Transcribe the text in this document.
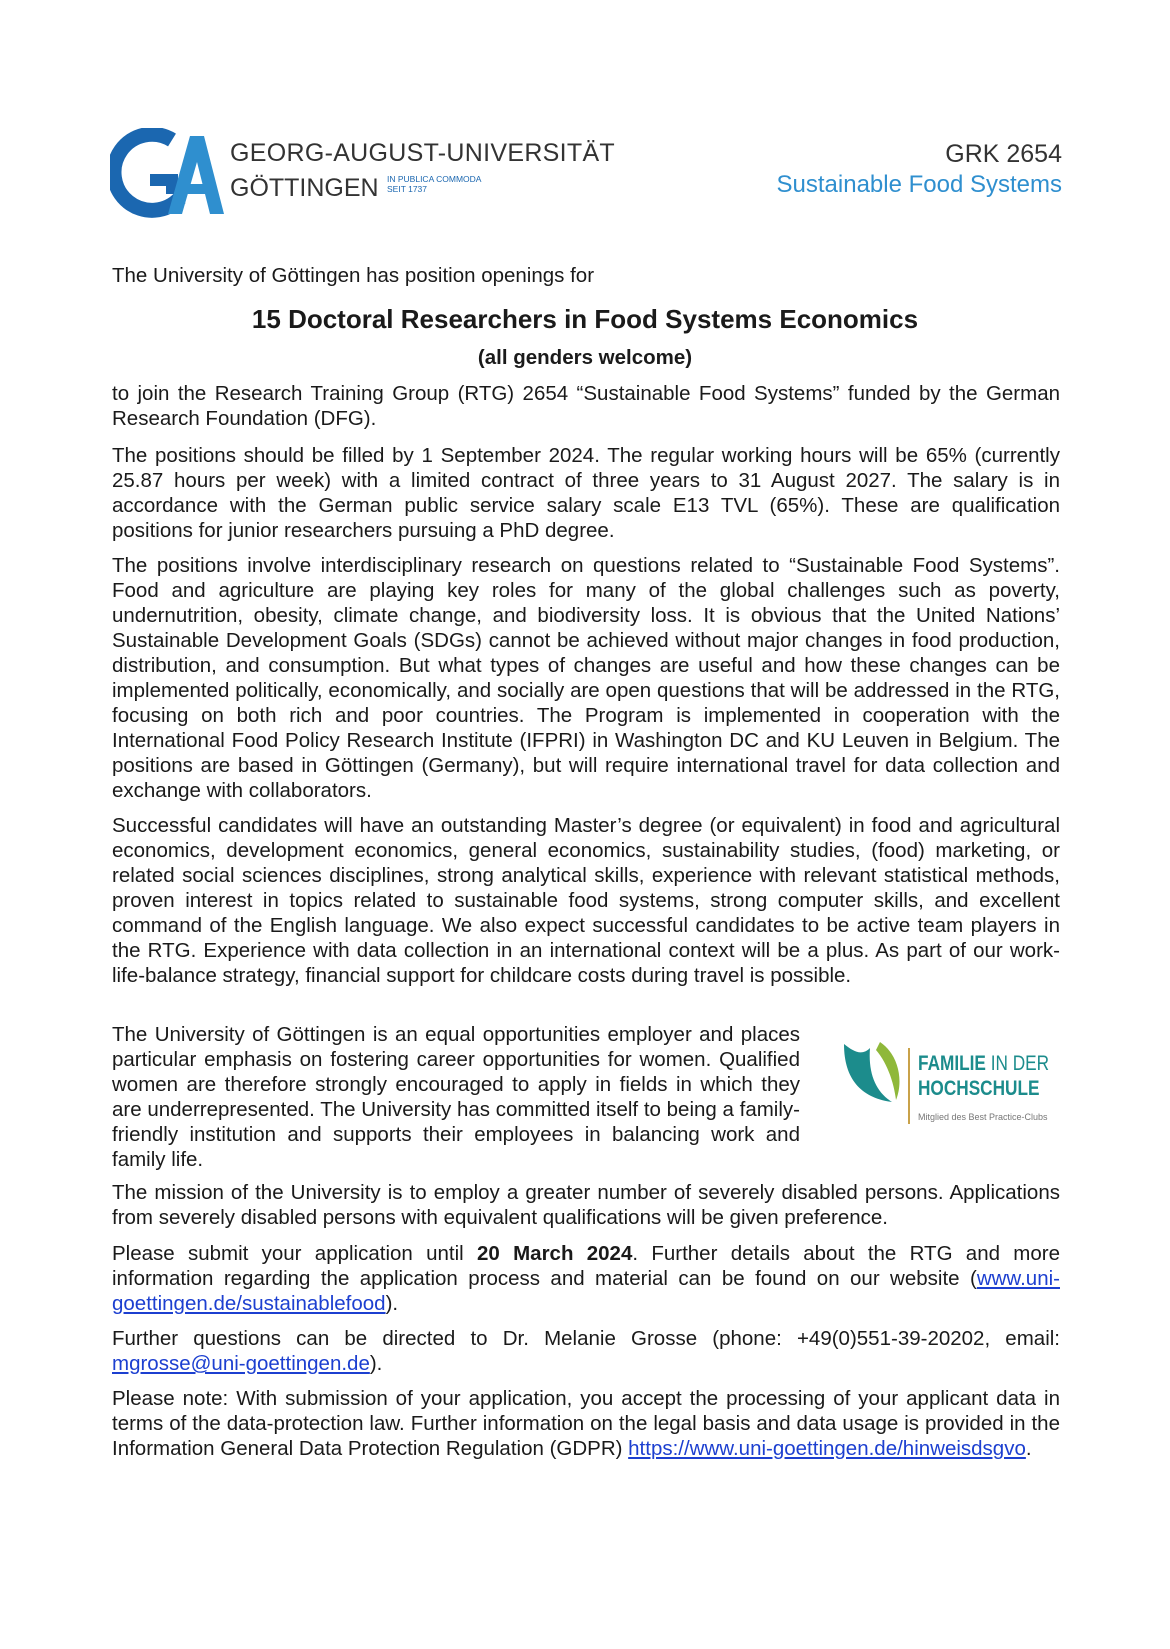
GEORG-AUGUST-UNIVERSITÄT
GÖTTINGEN IN PUBLICA COMMODA
SEIT 1737
GRK 2654
Sustainable Food Systems
The University of Göttingen has position openings for
15 Doctoral Researchers in Food Systems Economics
(all genders welcome)
to join the Research Training Group (RTG) 2654 “Sustainable Food Systems” funded by the German Research Foundation (DFG).
The positions should be filled by 1 September 2024. The regular working hours will be 65% (currently 25.87 hours per week) with a limited contract of three years to 31 August 2027. The salary is in accordance with the German public service salary scale E13 TVL (65%). These are qualification positions for junior researchers pursuing a PhD degree.
The positions involve interdisciplinary research on questions related to “Sustainable Food Systems”. Food and agriculture are playing key roles for many of the global challenges such as poverty, undernutrition, obesity, climate change, and biodiversity loss. It is obvious that the United Nations’ Sustainable Development Goals (SDGs) cannot be achieved without major changes in food production, distribution, and consumption. But what types of changes are useful and how these changes can be implemented politically, economically, and socially are open questions that will be addressed in the RTG, focusing on both rich and poor countries. The Program is implemented in cooperation with the International Food Policy Research Institute (IFPRI) in Washington DC and KU Leuven in Belgium. The positions are based in Göttingen (Germany), but will require international travel for data collection and exchange with collaborators.
Successful candidates will have an outstanding Master’s degree (or equivalent) in food and agricultural economics, development economics, general economics, sustainability studies, (food) marketing, or related social sciences disciplines, strong analytical skills, experience with relevant statistical methods, proven interest in topics related to sustainable food systems, strong computer skills, and excellent command of the English language. We also expect successful candidates to be active team players in the RTG. Experience with data collection in an international context will be a plus. As part of our work-life-balance strategy, financial support for childcare costs during travel is possible.
The University of Göttingen is an equal opportunities employer and places particular emphasis on fostering career opportunities for women. Qualified women are therefore strongly encouraged to apply in fields in which they are underrepresented. The University has committed itself to being a family-friendly institution and supports their employees in balancing work and family life.
FAMILIE IN DER
HOCHSCHULE
Mitglied des Best Practice-Clubs
The mission of the University is to employ a greater number of severely disabled persons. Applications from severely disabled persons with equivalent qualifications will be given preference.
Please submit your application until 20 March 2024. Further details about the RTG and more information regarding the application process and material can be found on our website (www.uni-goettingen.de/sustainablefood).
Further questions can be directed to Dr. Melanie Grosse (phone: +49(0)551-39-20202, email: mgrosse@uni-goettingen.de).
Please note: With submission of your application, you accept the processing of your applicant data in terms of the data-protection law. Further information on the legal basis and data usage is provided in the Information General Data Protection Regulation (GDPR) https://www.uni-goettingen.de/hinweisdsgvo.
